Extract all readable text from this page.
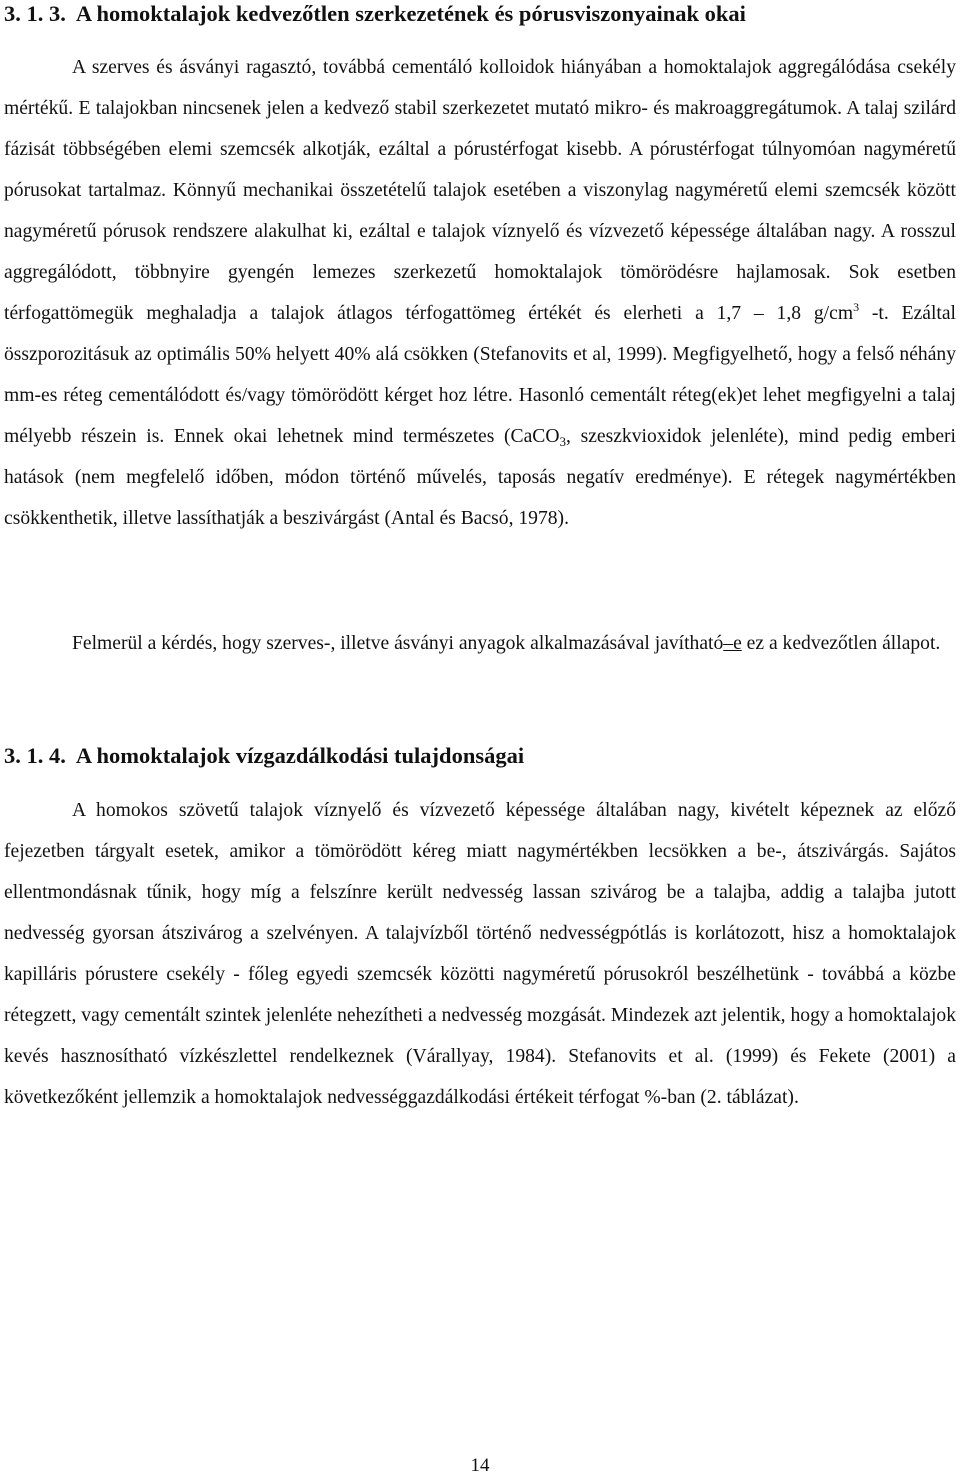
3. 1. 3. A homoktalajok kedvezőtlen szerkezetének és pórusviszonyainak okai

A szerves és ásványi ragasztó, továbbá cementáló kolloidok hiányában a homoktalajok aggregálódása csekély mértékű. E talajokban nincsenek jelen a kedvező stabil szerkezetet mutató mikro- és makroaggregátumok. A talaj szilárd fázisát többségében elemi szemcsék alkotják, ezáltal a pórustérfogat kisebb. A pórustérfogat túlnyomóan nagyméretű pórusokat tartalmaz. Könnyű mechanikai összetételű talajok esetében a viszonylag nagyméretű elemi szemcsék között nagyméretű pórusok rendszere alakulhat ki, ezáltal e talajok víznyelő és vízvezető képessége általában nagy. A rosszul aggregálódott, többnyire gyengén lemezes szerkezetű homoktalajok tömörödésre hajlamosak. Sok esetben térfogattömegük meghaladja a talajok átlagos térfogattömeg értékét és elerheti a 1,7 – 1,8 $g/cm^3$ -t. Ezáltal összporozitásuk az optimális 50% helyett 40% alá csökken (Stefanovits et al, 1999). Megfigyelhető, hogy a felső néhány mm-es réteg cementálódott és/vagy tömörödött kérget hoz létre. Hasonló cementált réteg(ek)et lehet megfigyelni a talaj mélyebb részein is. Ennek okai lehetnek mind természetes (CaCO$_3$, szeszkvioxidok jelenléte), mind pedig emberi hatások (nem megfelelő időben, módon történő művelés, taposás negatív eredménye). E rétegek nagymértékben csökkenthetik, illetve lassíthatják a beszivárgást (Antal és Bacsó, 1978).

Felmerül a kérdés, hogy szerves-, illetve ásványi anyagok alkalmazásával javítható–e ez a kedvezőtlen állapot.

3. 1. 4. A homoktalajok vízgazdálkodási tulajdonságai

A homokos szövetű talajok víznyelő és vízvezető képessége általában nagy, kivételt képeznek az előző fejezetben tárgyalt esetek, amikor a tömörödött kéreg miatt nagymértékben lecsökken a be-, átszivárgás. Sajátos ellentmondásnak tűnik, hogy míg a felszínre került nedvesség lassan szivárog be a talajba, addig a talajba jutott nedvesség gyorsan átszivárog a szelvényen. A talajvízből történő nedvességpótlás is korlátozott, hisz a homoktalajok kapilláris pórustere csekély - főleg egyedi szemcsék közötti nagyméretű pórusokról beszélhetünk - továbbá a közbe rétegzett, vagy cementált szintek jelenléte nehezítheti a nedvesség mozgását. Mindezek azt jelentik, hogy a homoktalajok kevés hasznosítható vízkészlettel rendelkeznek (Várallyay, 1984). Stefanovits et al. (1999) és Fekete (2001) a következőként jellemzik a homoktalajok nedvességgazdálkodási értékeit térfogat %-ban (2. táblázat).

14
